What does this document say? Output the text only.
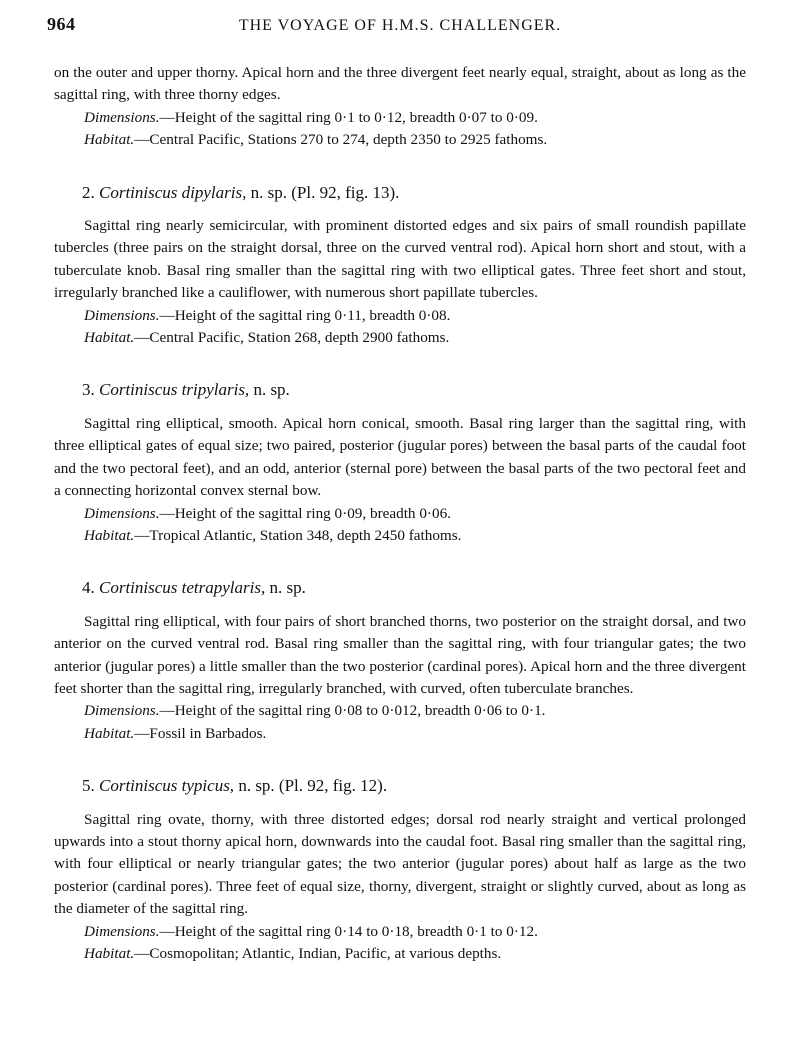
964	THE VOYAGE OF H.M.S. CHALLENGER.

on the outer and upper thorny. Apical horn and the three divergent feet nearly equal, straight, about as long as the sagittal ring, with three thorny edges.

Dimensions.—Height of the sagittal ring 0·1 to 0·12, breadth 0·07 to 0·09.

Habitat.—Central Pacific, Stations 270 to 274, depth 2350 to 2925 fathoms.

2. Cortiniscus dipylaris, n. sp. (Pl. 92, fig. 13).

Sagittal ring nearly semicircular, with prominent distorted edges and six pairs of small roundish papillate tubercles (three pairs on the straight dorsal, three on the curved ventral rod). Apical horn short and stout, with a tuberculate knob. Basal ring smaller than the sagittal ring with two elliptical gates. Three feet short and stout, irregularly branched like a cauliflower, with numerous short papillate tubercles.

Dimensions.—Height of the sagittal ring 0·11, breadth 0·08.

Habitat.—Central Pacific, Station 268, depth 2900 fathoms.

3. Cortiniscus tripylaris, n. sp.

Sagittal ring elliptical, smooth. Apical horn conical, smooth. Basal ring larger than the sagittal ring, with three elliptical gates of equal size; two paired, posterior (jugular pores) between the basal parts of the caudal foot and the two pectoral feet), and an odd, anterior (sternal pore) between the basal parts of the two pectoral feet and a connecting horizontal convex sternal bow.

Dimensions.—Height of the sagittal ring 0·09, breadth 0·06.

Habitat.—Tropical Atlantic, Station 348, depth 2450 fathoms.

4. Cortiniscus tetrapylaris, n. sp.

Sagittal ring elliptical, with four pairs of short branched thorns, two posterior on the straight dorsal, and two anterior on the curved ventral rod. Basal ring smaller than the sagittal ring, with four triangular gates; the two anterior (jugular pores) a little smaller than the two posterior (cardinal pores). Apical horn and the three divergent feet shorter than the sagittal ring, irregularly branched, with curved, often tuberculate branches.

Dimensions.—Height of the sagittal ring 0·08 to 0·012, breadth 0·06 to 0·1.

Habitat.—Fossil in Barbados.

5. Cortiniscus typicus, n. sp. (Pl. 92, fig. 12).

Sagittal ring ovate, thorny, with three distorted edges; dorsal rod nearly straight and vertical prolonged upwards into a stout thorny apical horn, downwards into the caudal foot. Basal ring smaller than the sagittal ring, with four elliptical or nearly triangular gates; the two anterior (jugular pores) about half as large as the two posterior (cardinal pores). Three feet of equal size, thorny, divergent, straight or slightly curved, about as long as the diameter of the sagittal ring.

Dimensions.—Height of the sagittal ring 0·14 to 0·18, breadth 0·1 to 0·12.

Habitat.—Cosmopolitan; Atlantic, Indian, Pacific, at various depths.
